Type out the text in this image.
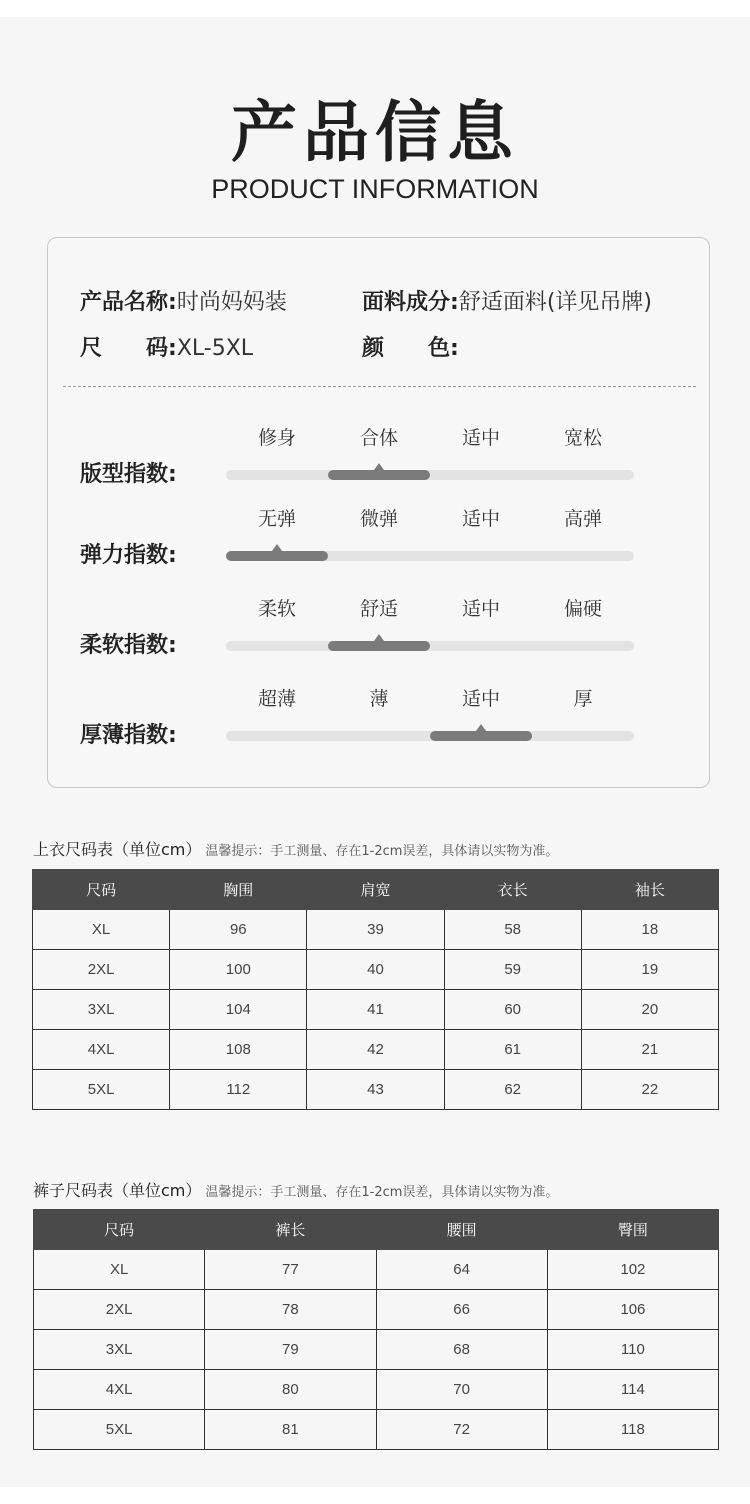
产品信息
PRODUCT INFORMATION
产品名称:时尚妈妈装	面料成分:舒适面料(详见吊牌)
尺　　码:XL-5XL	颜　　色:
版型指数:
修身	合体	适中	宽松
弹力指数:
无弹	微弹	适中	高弹
柔软指数:
柔软	舒适	适中	偏硬
厚薄指数:
超薄	薄	适中	厚
上衣尺码表（单位cm） 温馨提示：手工测量、存在1-2cm误差，具体请以实物为准。
尺码	胸围	肩宽	衣长	袖长
XL	96	39	58	18
2XL	100	40	59	19
3XL	104	41	60	20
4XL	108	42	61	21
5XL	112	43	62	22
裤子尺码表（单位cm） 温馨提示：手工测量、存在1-2cm误差，具体请以实物为准。
尺码	裤长	腰围	臀围
XL	77	64	102
2XL	78	66	106
3XL	79	68	110
4XL	80	70	114
5XL	81	72	118
